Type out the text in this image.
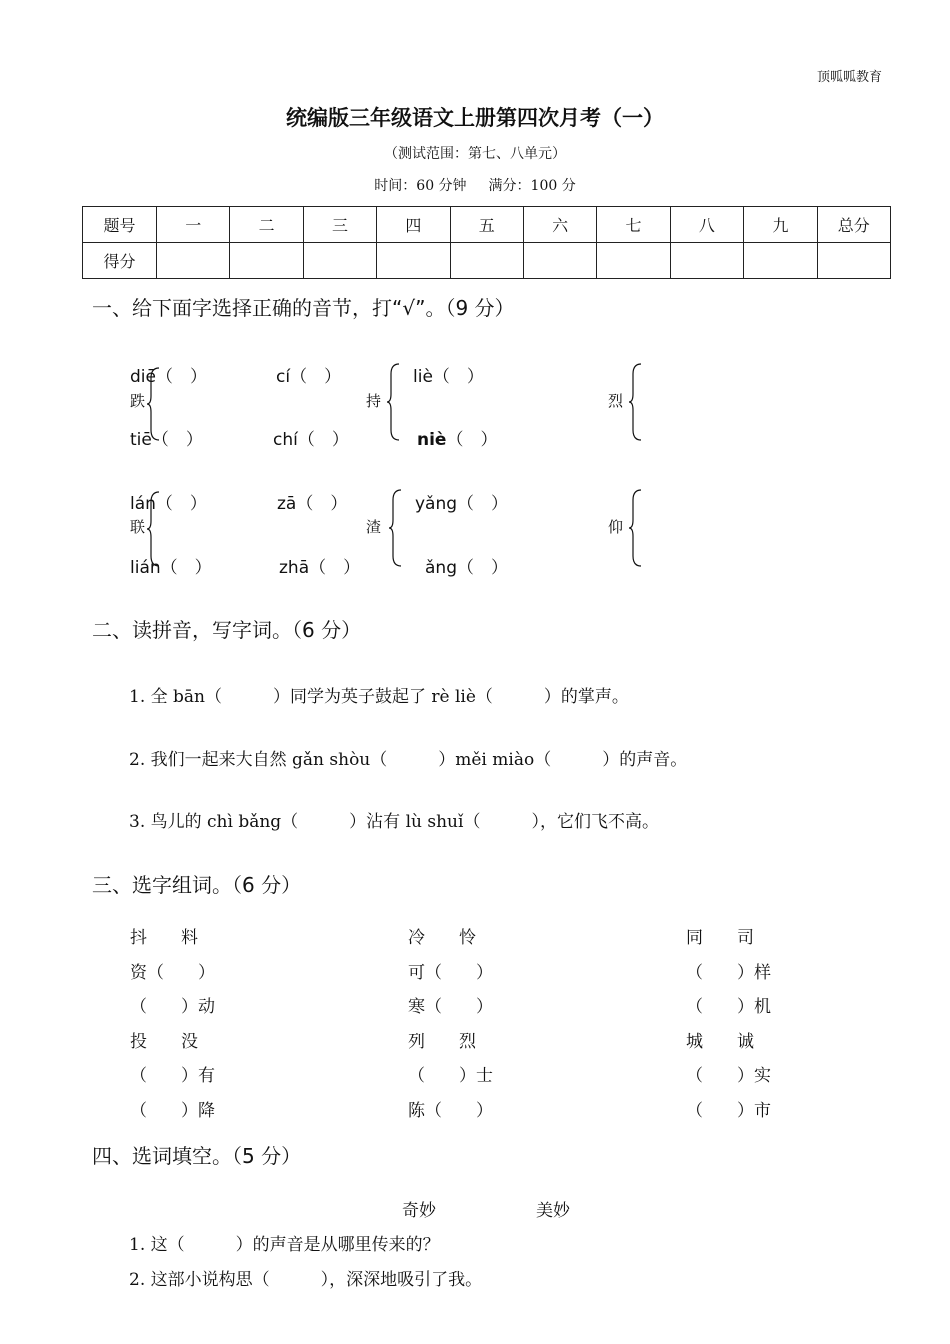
顶呱呱教育
统编版三年级语文上册第四次月考（一）
（测试范围：第七、八单元）
时间：60 分钟 满分：100 分
题号	一	二	三	四	五	六	七	八	九	总分
得分										
一、给下面字选择正确的音节，打“√”。（9 分）
跌
diē（　）
tiē（　）
cí（　）
chí（　）
持
liè（　）
niè（　）
烈
联
lán（　）
lián（　）
zā（　）
zhā（　）
渣
yǎng（　）
ǎng（　）
仰
二、读拼音，写字词。（6 分）
1. 全 bān（　　　）同学为英子鼓起了 rè liè（　　　）的掌声。
2. 我们一起来大自然 gǎn shòu（　　　）měi miào（　　　）的声音。
3. 鸟儿的 chì bǎng（　　　）沾有 lù shuǐ（　　　），它们飞不高。
三、选字组词。（6 分）
抖　　料
资（　　）
（　　）动
投　　没
（　　）有
（　　）降
冷　　怜
可（　　）
寒（　　）
列　　烈
（　　）士
陈（　　）
同　　司
（　　）样
（　　）机
城　　诚
（　　）实
（　　）市
四、选词填空。（5 分）
奇妙	美妙
1. 这（　　　）的声音是从哪里传来的？
2. 这部小说构思（　　　），深深地吸引了我。
